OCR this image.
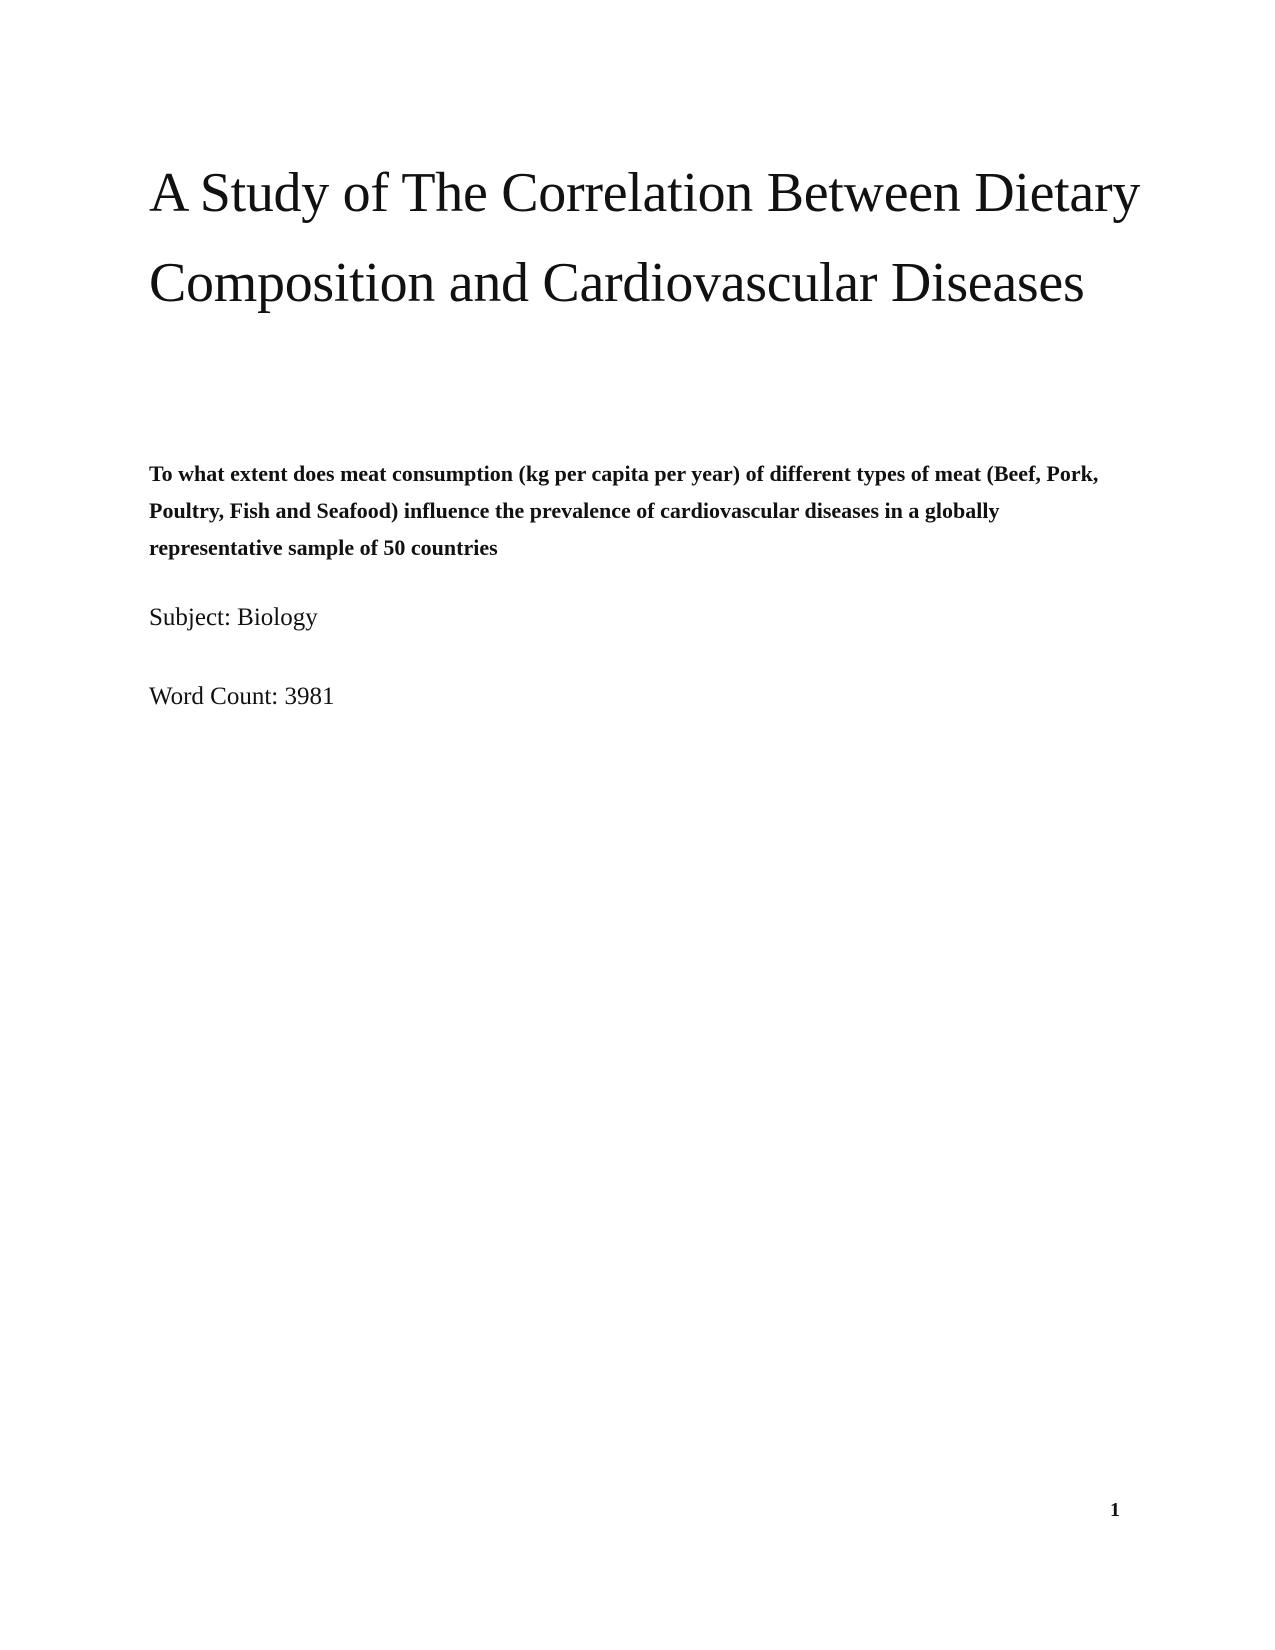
A Study of The Correlation Between Dietary Composition and Cardiovascular Diseases

To what extent does meat consumption (kg per capita per year) of different types of meat (Beef, Pork, Poultry, Fish and Seafood) influence the prevalence of cardiovascular diseases in a globally representative sample of 50 countries

Subject: Biology

Word Count: 3981

1
